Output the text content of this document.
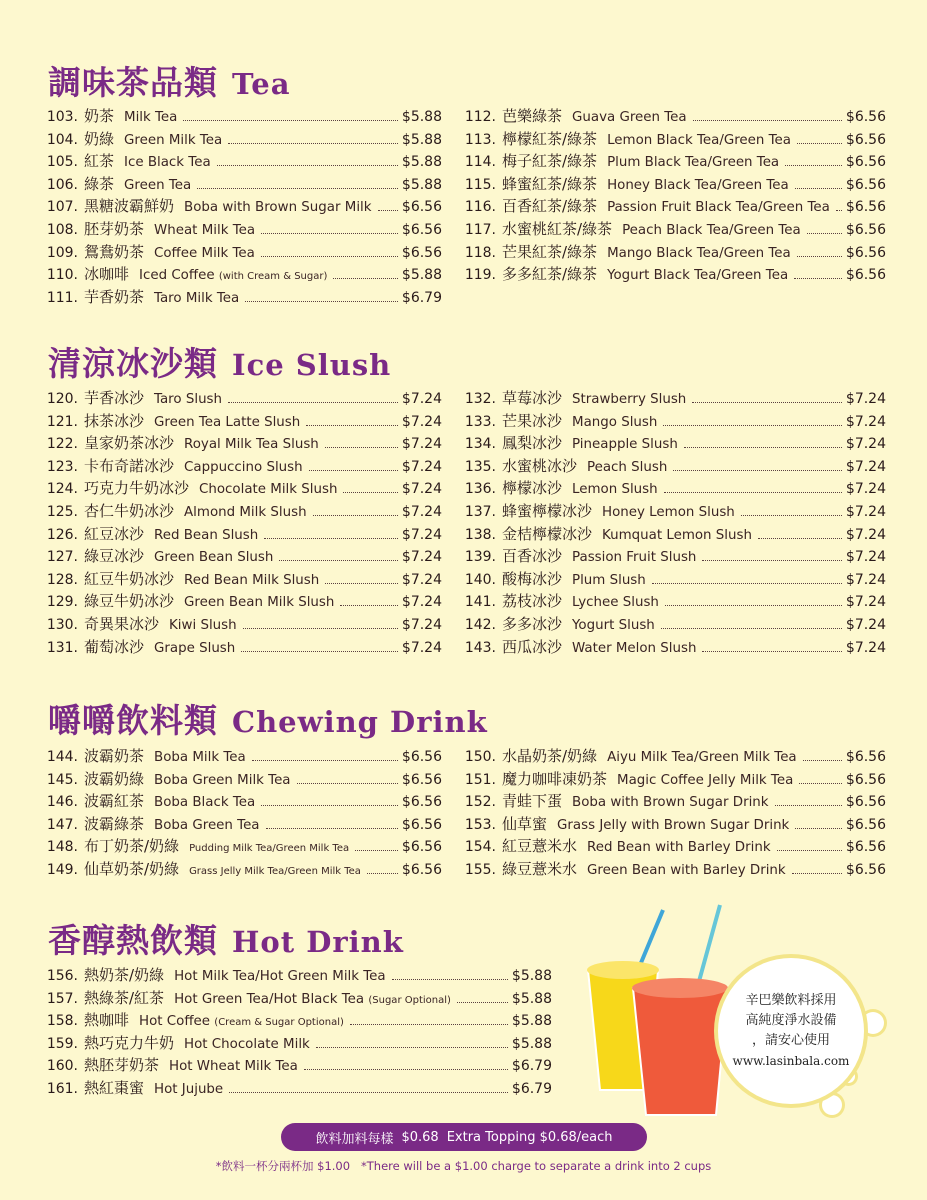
調味茶品類 Tea
清涼冰沙類 Ice Slush
嚼嚼飲料類 Chewing Drink
香醇熱飲類 Hot Drink
103. 奶茶 Milk Tea	$5.88
104. 奶綠 Green Milk Tea	$5.88
105. 紅茶 Ice Black Tea	$5.88
106. 綠茶 Green Tea	$5.88
107. 黑糖波霸鮮奶 Boba with Brown Sugar Milk $6.56
108. 胚芽奶茶 Wheat Milk Tea	$6.56
109. 鴛鴦奶茶 Coffee Milk Tea	$6.56
110. 冰咖啡 Iced Coffee (with Cream & Sugar)	$5.88
111. 芋香奶茶 Taro Milk Tea	$6.79
112. 芭樂綠茶 Guava Green Tea	$6.56
113. 檸檬紅茶/綠茶 Lemon Black Tea/Green Tea	$6.56
114. 梅子紅茶/綠茶 Plum Black Tea/Green Tea	$6.56
115. 蜂蜜紅茶/綠茶 Honey Black Tea/Green Tea	$6.56
116. 百香紅茶/綠茶 Passion Fruit Black Tea/Green Tea $6.56
117. 水蜜桃紅茶/綠茶 Peach Black Tea/Green Tea	$6.56
118. 芒果紅茶/綠茶 Mango Black Tea/Green Tea	$6.56
119. 多多紅茶/綠茶 Yogurt Black Tea/Green Tea	$6.56
120. 芋香冰沙 Taro Slush	$7.24
121. 抹茶冰沙 Green Tea Latte Slush	$7.24
122. 皇家奶茶冰沙 Royal Milk Tea Slush	$7.24
123. 卡布奇諾冰沙 Cappuccino Slush	$7.24
124. 巧克力牛奶冰沙 Chocolate Milk Slush	$7.24
125. 杏仁牛奶冰沙 Almond Milk Slush	$7.24
126. 紅豆冰沙 Red Bean Slush	$7.24
127. 綠豆冰沙 Green Bean Slush	$7.24
128. 紅豆牛奶冰沙 Red Bean Milk Slush	$7.24
129. 綠豆牛奶冰沙 Green Bean Milk Slush	$7.24
130. 奇異果冰沙 Kiwi Slush	$7.24
131. 葡萄冰沙 Grape Slush	$7.24
132. 草莓冰沙 Strawberry Slush	$7.24
133. 芒果冰沙 Mango Slush	$7.24
134. 鳳梨冰沙 Pineapple Slush	$7.24
135. 水蜜桃冰沙 Peach Slush	$7.24
136. 檸檬冰沙 Lemon Slush	$7.24
137. 蜂蜜檸檬冰沙 Honey Lemon Slush	$7.24
138. 金桔檸檬冰沙 Kumquat Lemon Slush	$7.24
139. 百香冰沙 Passion Fruit Slush	$7.24
140. 酸梅冰沙 Plum Slush	$7.24
141. 荔枝冰沙 Lychee Slush	$7.24
142. 多多冰沙 Yogurt Slush	$7.24
143. 西瓜冰沙 Water Melon Slush	$7.24
144. 波霸奶茶 Boba Milk Tea	$6.56
145. 波霸奶綠 Boba Green Milk Tea	$6.56
146. 波霸紅茶 Boba Black Tea	$6.56
147. 波霸綠茶 Boba Green Tea	$6.56
148. 布丁奶茶/奶綠	Pudding Milk Tea/Green Milk Tea	$6.56
149. 仙草奶茶/奶綠	Grass Jelly Milk Tea/Green Milk Tea	$6.56
150. 水晶奶茶/奶綠 Aiyu Milk Tea/Green Milk Tea	$6.56
151. 魔力咖啡凍奶茶 Magic Coffee Jelly Milk Tea	$6.56
152. 青蛙下蛋 Boba with Brown Sugar Drink	$6.56
153. 仙草蜜 Grass Jelly with Brown Sugar Drink	$6.56
154. 紅豆薏米水 Red Bean with Barley Drink	$6.56
155. 綠豆薏米水 Green Bean with Barley Drink	$6.56
156. 熱奶茶/奶綠 Hot Milk Tea/Hot Green Milk Tea	$5.88
157. 熱綠茶/紅茶 Hot Green Tea/Hot Black Tea (Sugar Optional)	$5.88
158. 熱咖啡 Hot Coffee (Cream & Sugar Optional)	$5.88
159. 熱巧克力牛奶 Hot Chocolate Milk	$5.88
160. 熱胚芽奶茶 Hot Wheat Milk Tea	$6.79
161. 熱紅棗蜜 Hot Jujube	$6.79
辛巴樂飲料採用
高純度淨水設備
，請安心使用
www.lasinbala.com
飲料加料每樣 $0.68 Extra Topping $0.68/each
*飲料一杯分兩杯加 $1.00 *There will be a $1.00 charge to separate a drink into 2 cups
